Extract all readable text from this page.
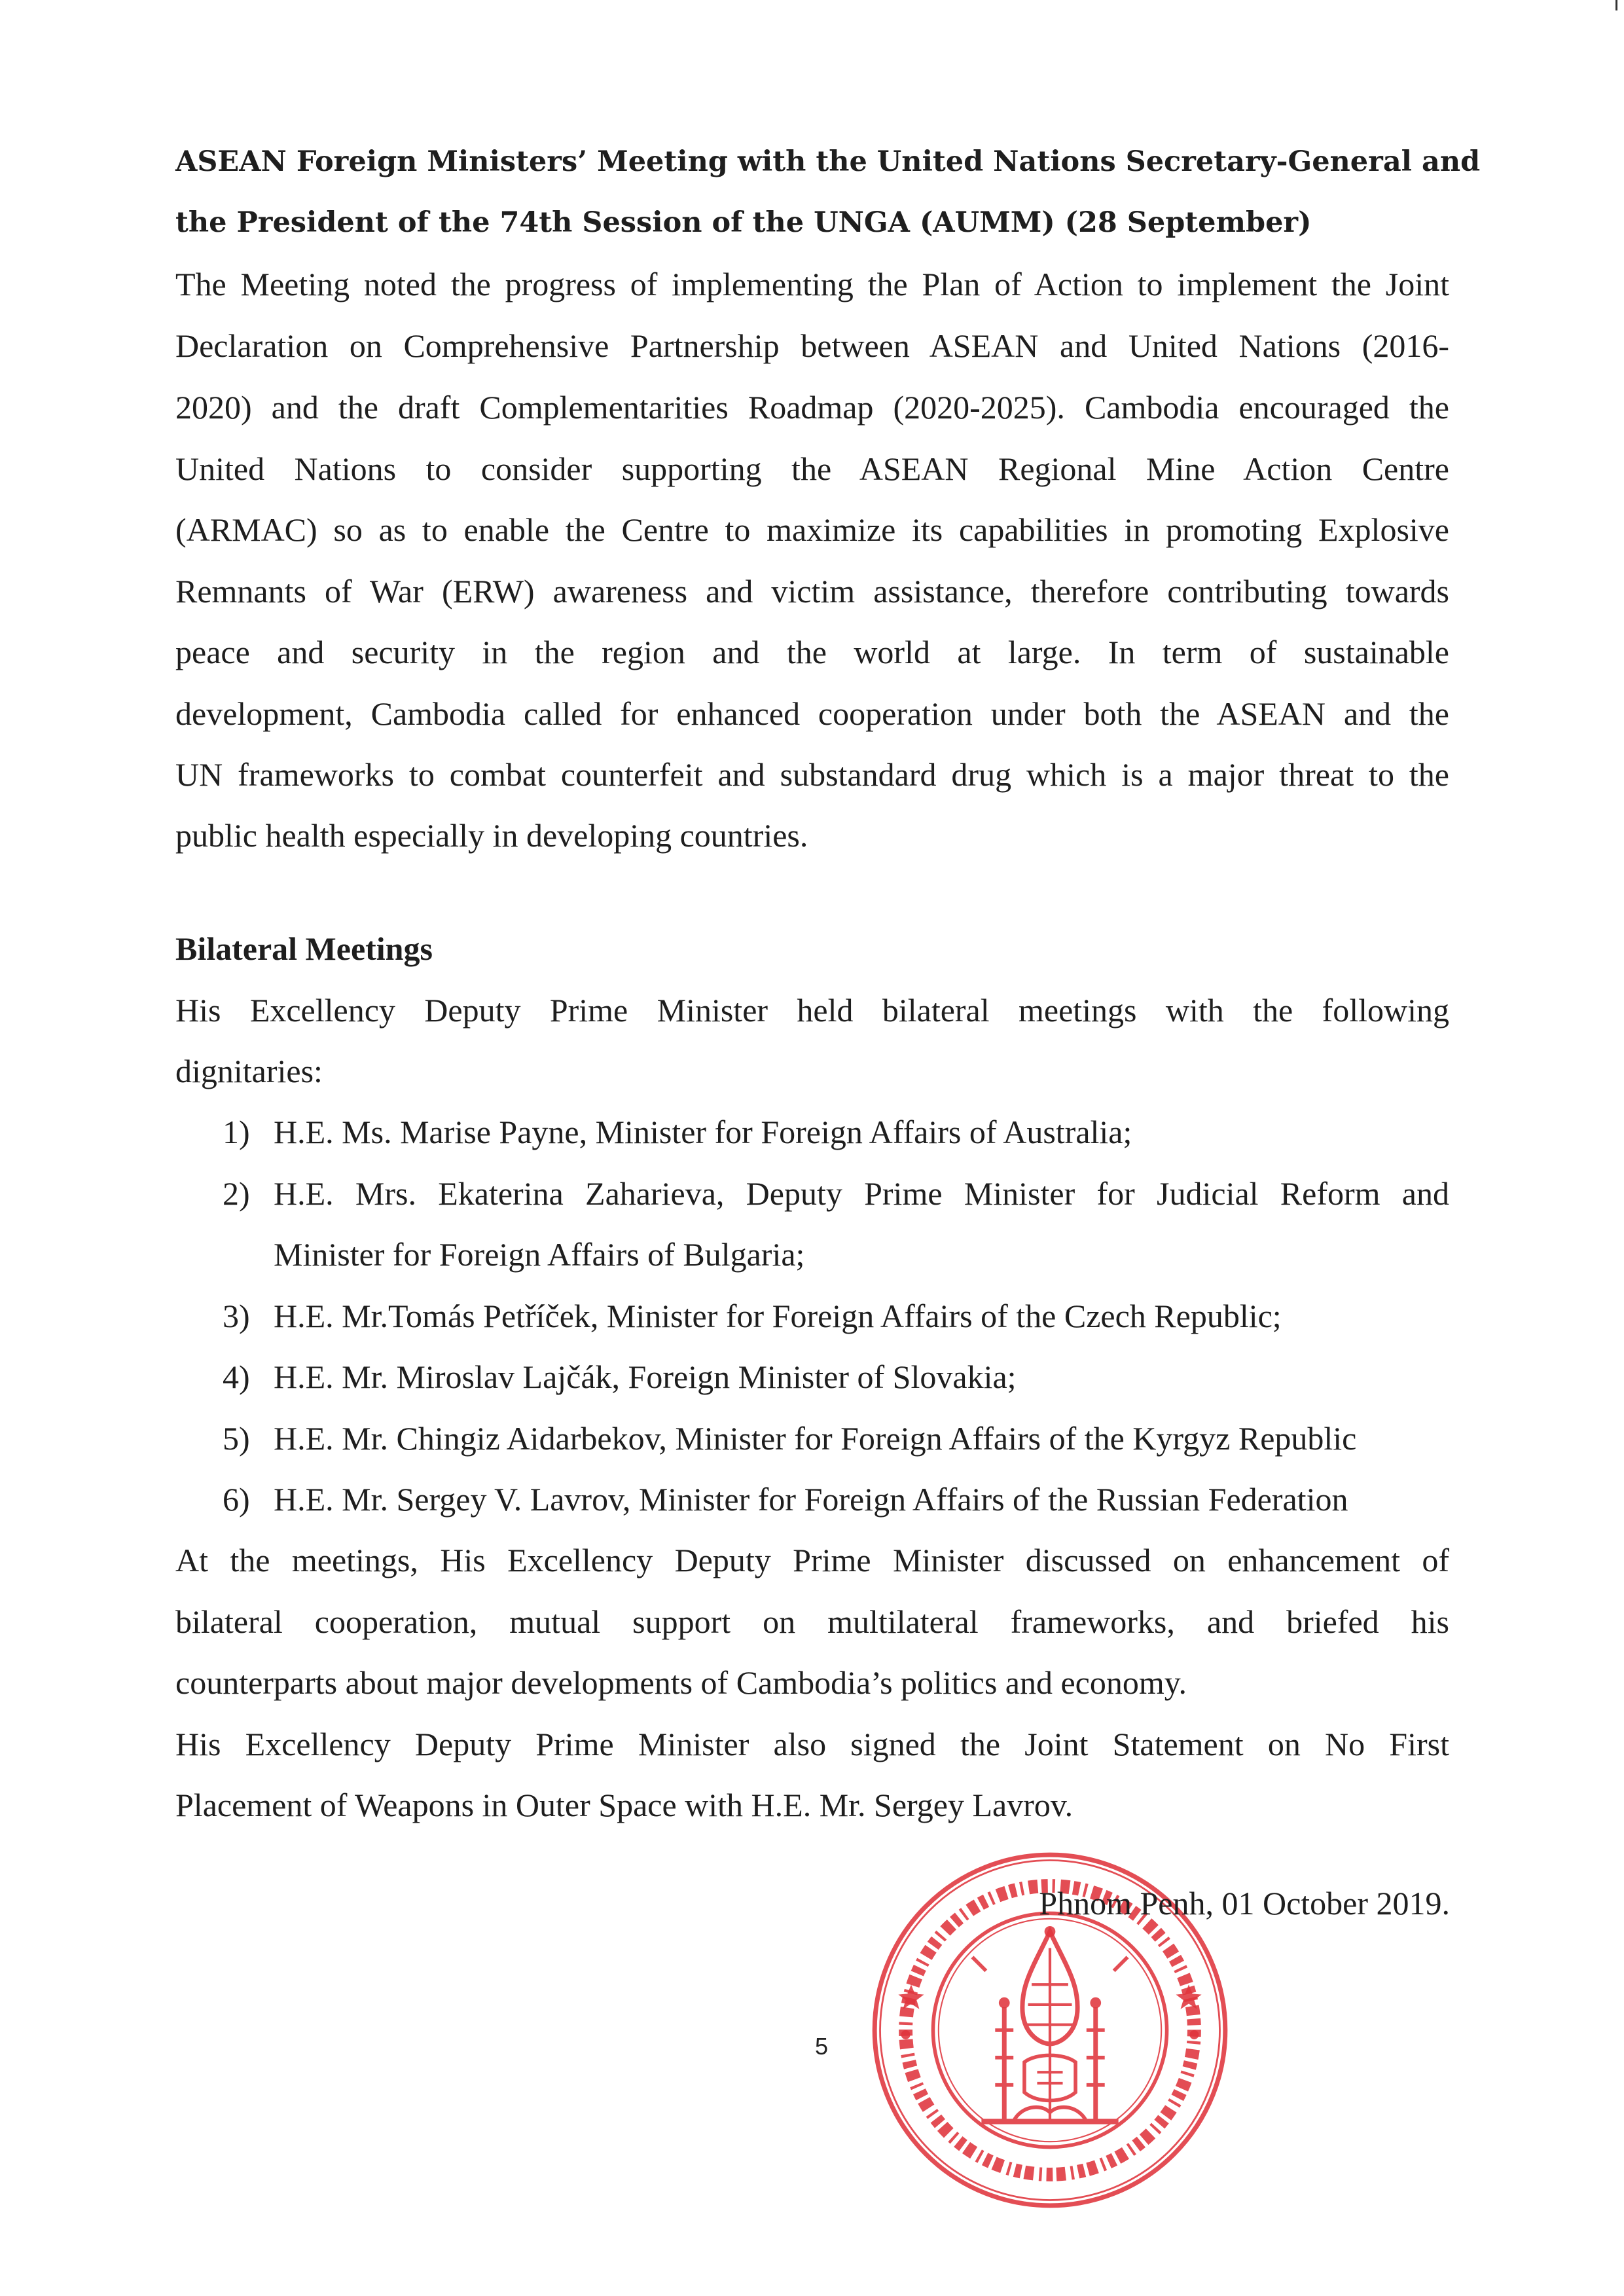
ASEAN Foreign Ministers’ Meeting with the United Nations Secretary-General and
the President of the 74th Session of the UNGA (AUMM) (28 September)
The Meeting noted the progress of implementing the Plan of Action to implement the Joint
Declaration on Comprehensive Partnership between ASEAN and United Nations (2016-
2020) and the draft Complementarities Roadmap (2020-2025). Cambodia encouraged the
United Nations to consider supporting the ASEAN Regional Mine Action Centre
(ARMAC) so as to enable the Centre to maximize its capabilities in promoting Explosive
Remnants of War (ERW) awareness and victim assistance, therefore contributing towards
peace and security in the region and the world at large. In term of sustainable
development, Cambodia called for enhanced cooperation under both the ASEAN and the
UN frameworks to combat counterfeit and substandard drug which is a major threat to the
public health especially in developing countries.
Bilateral Meetings
His Excellency Deputy Prime Minister held bilateral meetings with the following
dignitaries:
1) H.E. Ms. Marise Payne, Minister for Foreign Affairs of Australia;
2) H.E. Mrs. Ekaterina Zaharieva, Deputy Prime Minister for Judicial Reform and
Minister for Foreign Affairs of Bulgaria;
3) H.E. Mr.Tomás Petříček, Minister for Foreign Affairs of the Czech Republic;
4) H.E. Mr. Miroslav Lajčák, Foreign Minister of Slovakia;
5) H.E. Mr. Chingiz Aidarbekov, Minister for Foreign Affairs of the Kyrgyz Republic
6) H.E. Mr. Sergey V. Lavrov, Minister for Foreign Affairs of the Russian Federation
At the meetings, His Excellency Deputy Prime Minister discussed on enhancement of
bilateral cooperation, mutual support on multilateral frameworks, and briefed his
counterparts about major developments of Cambodia’s politics and economy.
His Excellency Deputy Prime Minister also signed the Joint Statement on No First
Placement of Weapons in Outer Space with H.E. Mr. Sergey Lavrov.
Phnom Penh, 01 October 2019.
5
